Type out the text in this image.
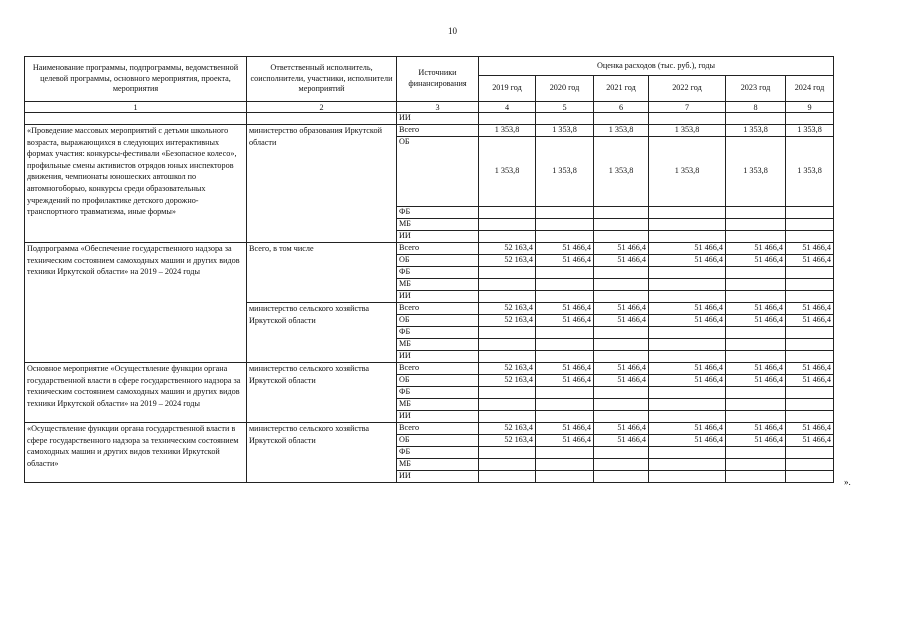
10
Наименование программы, подпрограммы, ведомственной целевой программы, основного мероприятия, проекта, мероприятия	Ответственный исполнитель, соисполнители, участники, исполнители мероприятий	Источники финансирования	Оценка расходов (тыс. руб.), годы					
			2019 год	2020 год	2021 год	2022 год	2023 год	2024 год
1	2	3	4	5	6	7	8	9
		ИИ						
«Проведение массовых мероприятий с детьми школьного возраста, выражающихся в следующих интерактивных формах участия: конкурсы-фестивали «Безопасное колесо», профильные смены активистов отрядов юных инспекторов движения, чемпионаты юношеских автошкол по автомногоборью, конкурсы среди образовательных учреждений по профилактике детского дорожно-транспортного травматизма, иные формы»	министерство образования Иркутской области	Всего	1 353,8	1 353,8	1 353,8	1 353,8	1 353,8	1 353,8
		ОБ	1 353,8	1 353,8	1 353,8	1 353,8	1 353,8	1 353,8
		ФБ						
		МБ						
		ИИ						
Подпрограмма «Обеспечение государственного надзора за техническим состоянием самоходных машин и других видов техники Иркутской области» на 2019 – 2024 годы	Всего, в том числе	Всего	52 163,4	51 466,4	51 466,4	51 466,4	51 466,4	51 466,4
		ОБ	52 163,4	51 466,4	51 466,4	51 466,4	51 466,4	51 466,4
		ФБ						
		МБ						
		ИИ						
	министерство сельского хозяйства Иркутской области	Всего	52 163,4	51 466,4	51 466,4	51 466,4	51 466,4	51 466,4
		ОБ	52 163,4	51 466,4	51 466,4	51 466,4	51 466,4	51 466,4
		ФБ						
		МБ						
		ИИ						
Основное мероприятие «Осуществление функции органа государственной власти в сфере государственного надзора за техническим состоянием самоходных машин и других видов техники Иркутской области» на 2019 – 2024 годы	министерство сельского хозяйства Иркутской области	Всего	52 163,4	51 466,4	51 466,4	51 466,4	51 466,4	51 466,4
		ОБ	52 163,4	51 466,4	51 466,4	51 466,4	51 466,4	51 466,4
		ФБ						
		МБ						
		ИИ						
«Осуществление функции органа государственной власти в сфере государственного надзора за техническим состоянием самоходных машин и других видов техники Иркутской области»	министерство сельского хозяйства Иркутской области	Всего	52 163,4	51 466,4	51 466,4	51 466,4	51 466,4	51 466,4
		ОБ	52 163,4	51 466,4	51 466,4	51 466,4	51 466,4	51 466,4
		ФБ						
		МБ						
		ИИ						
».
